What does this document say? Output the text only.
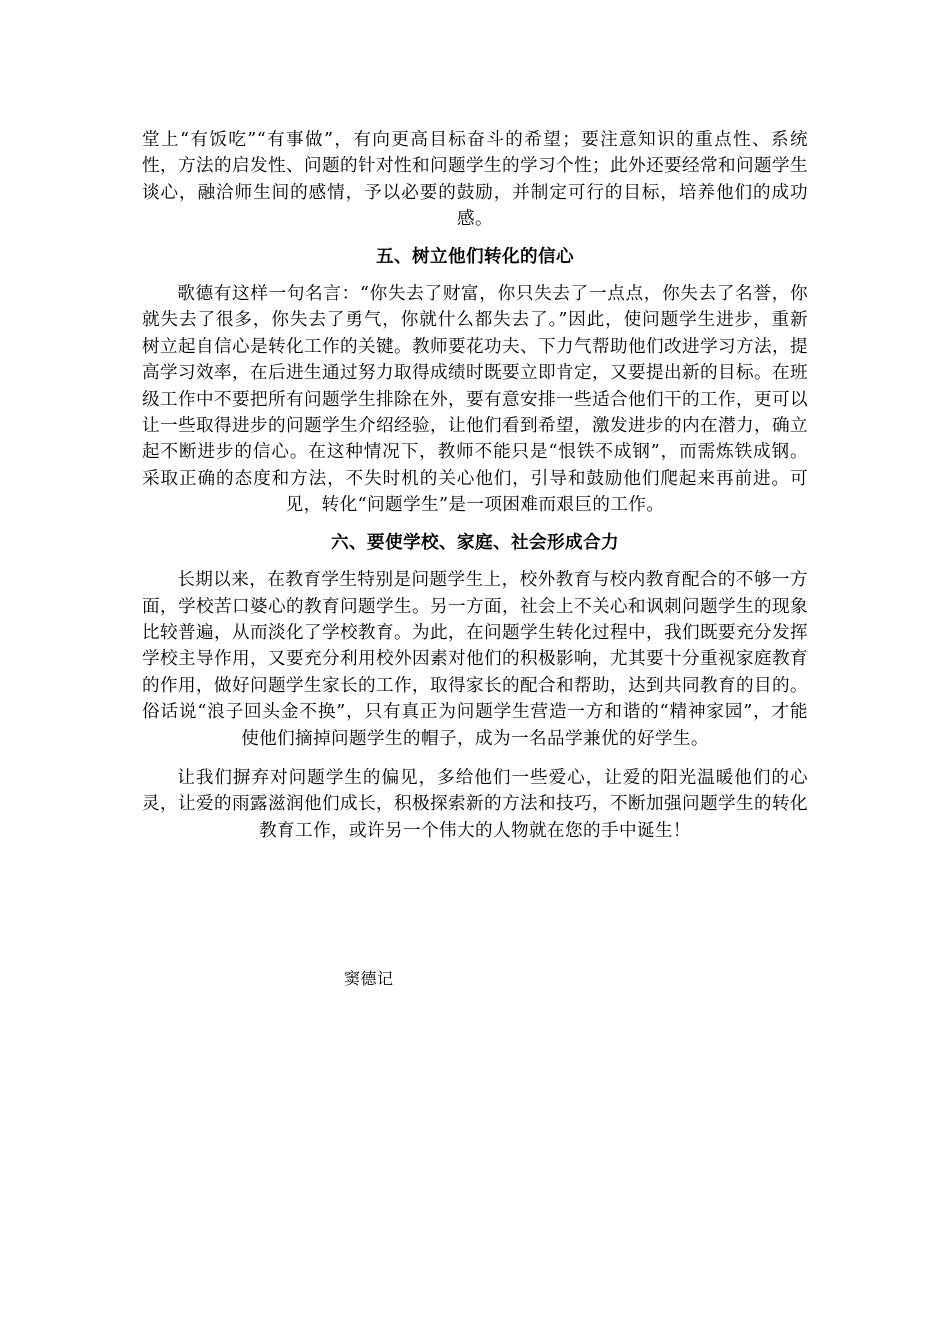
堂上“有饭吃”“有事做”，有向更高目标奋斗的希望；要注意知识的重点性、系统性，方法的启发性、问题的针对性和问题学生的学习个性；此外还要经常和问题学生谈心，融洽师生间的感情，予以必要的鼓励，并制定可行的目标，培养他们的成功感。

五、树立他们转化的信心

歌德有这样一句名言：“你失去了财富，你只失去了一点点，你失去了名誉，你就失去了很多，你失去了勇气，你就什么都失去了。”因此，使问题学生进步，重新树立起自信心是转化工作的关键。教师要花功夫、下力气帮助他们改进学习方法，提高学习效率，在后进生通过努力取得成绩时既要立即肯定，又要提出新的目标。在班级工作中不要把所有问题学生排除在外，要有意安排一些适合他们干的工作，更可以让一些取得进步的问题学生介绍经验，让他们看到希望，激发进步的内在潜力，确立起不断进步的信心。在这种情况下，教师不能只是“恨铁不成钢”，而需炼铁成钢。采取正确的态度和方法，不失时机的关心他们，引导和鼓励他们爬起来再前进。可见，转化“问题学生”是一项困难而艰巨的工作。

六、要使学校、家庭、社会形成合力

长期以来，在教育学生特别是问题学生上，校外教育与校内教育配合的不够一方面，学校苦口婆心的教育问题学生。另一方面，社会上不关心和讽刺问题学生的现象比较普遍，从而淡化了学校教育。为此，在问题学生转化过程中，我们既要充分发挥学校主导作用，又要充分利用校外因素对他们的积极影响，尤其要十分重视家庭教育的作用，做好问题学生家长的工作，取得家长的配合和帮助，达到共同教育的目的。俗话说“浪子回头金不换”，只有真正为问题学生营造一方和谐的“精神家园”，才能使他们摘掉问题学生的帽子，成为一名品学兼优的好学生。

让我们摒弃对问题学生的偏见，多给他们一些爱心，让爱的阳光温暖他们的心灵，让爱的雨露滋润他们成长，积极探索新的方法和技巧，不断加强问题学生的转化教育工作，或许另一个伟大的人物就在您的手中诞生！

窦德记
